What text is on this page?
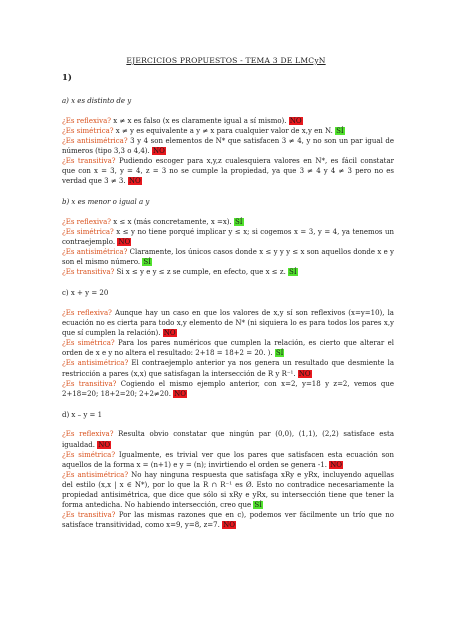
EJERCICIOS PROPUESTOS - TEMA 3 DE LMCyN
1)

a) x es distinto de y

¿Es reflexiva? x ≠ x es falso (x es claramente igual a sí mismo). NO

¿Es simétrica? x ≠ y es equivalente a y ≠ x para cualquier valor de x,y en N. SÍ

¿Es antisimétrica? 3 y 4 son elementos de N* que satisfacen 3 ≠ 4, y no son un par igual de números (tipo 3,3 o 4,4). NO

¿Es transitiva? Pudiendo escoger para x,y,z cualesquiera valores en N*, es fácil constatar que con x = 3, y = 4, z = 3 no se cumple la propiedad, ya que 3 ≠ 4 y 4 ≠ 3 pero no es verdad que 3 ≠ 3. NO

b) x es menor o igual a y

¿Es reflexiva? x ≤ x (más concretamente, x =x). SÍ

¿Es simétrica? x ≤ y no tiene porqué implicar y ≤ x; si cogemos x = 3, y = 4, ya tenemos un contraejemplo. NO

¿Es antisimétrica? Claramente, los únicos casos donde x ≤ y y y ≤ x son aquellos donde x e y son el mismo número. SÍ

¿Es transitiva? Si x ≤ y e y ≤ z se cumple, en efecto, que x ≤ z. SÍ

c) x + y = 20

¿Es reflexiva? Aunque hay un caso en que los valores de x,y sí son reflexivos (x=y=10), la ecuación no es cierta para todo x,y elemento de N* (ni siquiera lo es para todos los pares x,y que sí cumplen la relación). NO

¿Es simétrica? Para los pares numéricos que cumplen la relación, es cierto que alterar el orden de x e y no altera el resultado: 2+18 = 18+2 = 20. ). SÍ

¿Es antisimétrica? El contraejemplo anterior ya nos genera un resultado que desmiente la restricción a pares (x,x) que satisfagan la intersección de R y R⁻¹. NO

¿Es transitiva? Cogiendo el mismo ejemplo anterior, con x=2, y=18 y z=2, vemos que 2+18=20; 18+2=20; 2+2≠20. NO

d) x – y = 1

¿Es reflexiva? Resulta obvio constatar que ningún par (0,0), (1,1), (2,2) satisface esta igualdad. NO

¿Es simétrica? Igualmente, es trivial ver que los pares que satisfacen esta ecuación son aquellos de la forma x = (n+1) e y = (n); invirtiendo el orden se genera -1. NO

¿Es antisimétrica? No hay ninguna respuesta que satisfaga xRy e yRx, incluyendo aquellas del estilo (x,x | x ∈ N*), por lo que la R ∩ R⁻¹ es Ø. Esto no contradice necesariamente la propiedad antisimétrica, que dice que sólo si xRy e yRx, su intersección tiene que tener la forma antedicha. No habiendo intersección, creo que SÍ

¿Es transitiva? Por las mismas razones que en c), podemos ver fácilmente un trío que no satisface transitividad, como x=9, y=8, z=7. NO
